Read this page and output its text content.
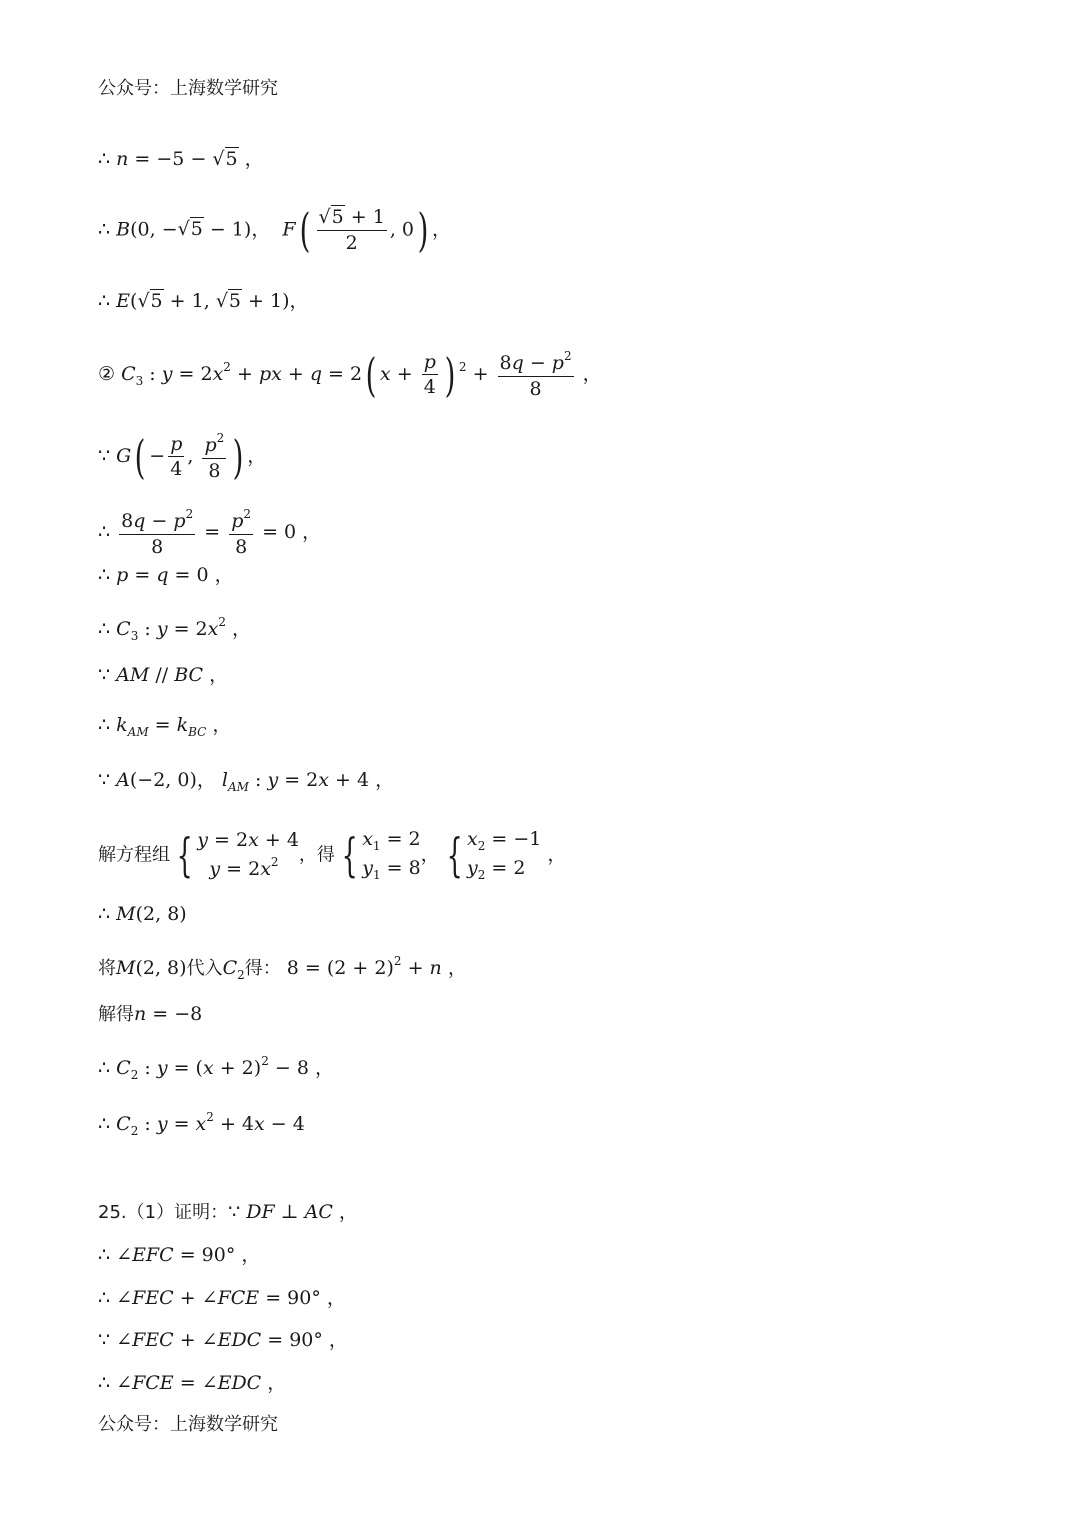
公众号：上海数学研究
∴ n = −5 − √5 ，
∴ B(0, −√5 − 1)，  $F( \frac{√5 + 1}{2}$ , 0) ，
∴ E(√5 + 1, √5 + 1)，
② $C_3$ : $y = 2x^2$ + px + q = 2( $x + \frac{p}{4}$ ) $^2 + \frac{8q - p^2}{8}$ ，
∵ $G( - \frac{p}{4}$ , $\frac{p^2}{8}$ ) ，
∴ $\frac{8q - p^2}{8} = \frac{p^2}{8} = 0$ ，
∴ p = q = 0 ，
∴ $C_3$ : $y = 2x^2$ ，
∵ AM // BC ，
∴ $k_{AM} = k_{BC}$ ，
∵ A(−2, 0)， $l_{AM}$ : y = 2x + 4 ，
解方程组 { y = 2x + 4
$y = 2x^2$	，得 { $x_1 = 2$
$y_1 = 8$
， { $x_2 = -1$
$y_2 = 2$
，
∴ M(2, 8)
将M(2, 8)代入$C_2$得： $8 = (2 + 2)^2 + n$ ，
解得n = −8
∴ $C_2$ : $y = (x + 2)^2 - 8$ ，
∴ $C_2$ : $y = x^2 + 4x - 4$
25.（1）证明：∵ DF ⊥ AC ，
∴ ∠EFC = 90° ，
∴ ∠FEC + ∠FCE = 90° ，
∵ ∠FEC + ∠EDC = 90° ，
∴ ∠FCE = ∠EDC ，
公众号：上海数学研究
